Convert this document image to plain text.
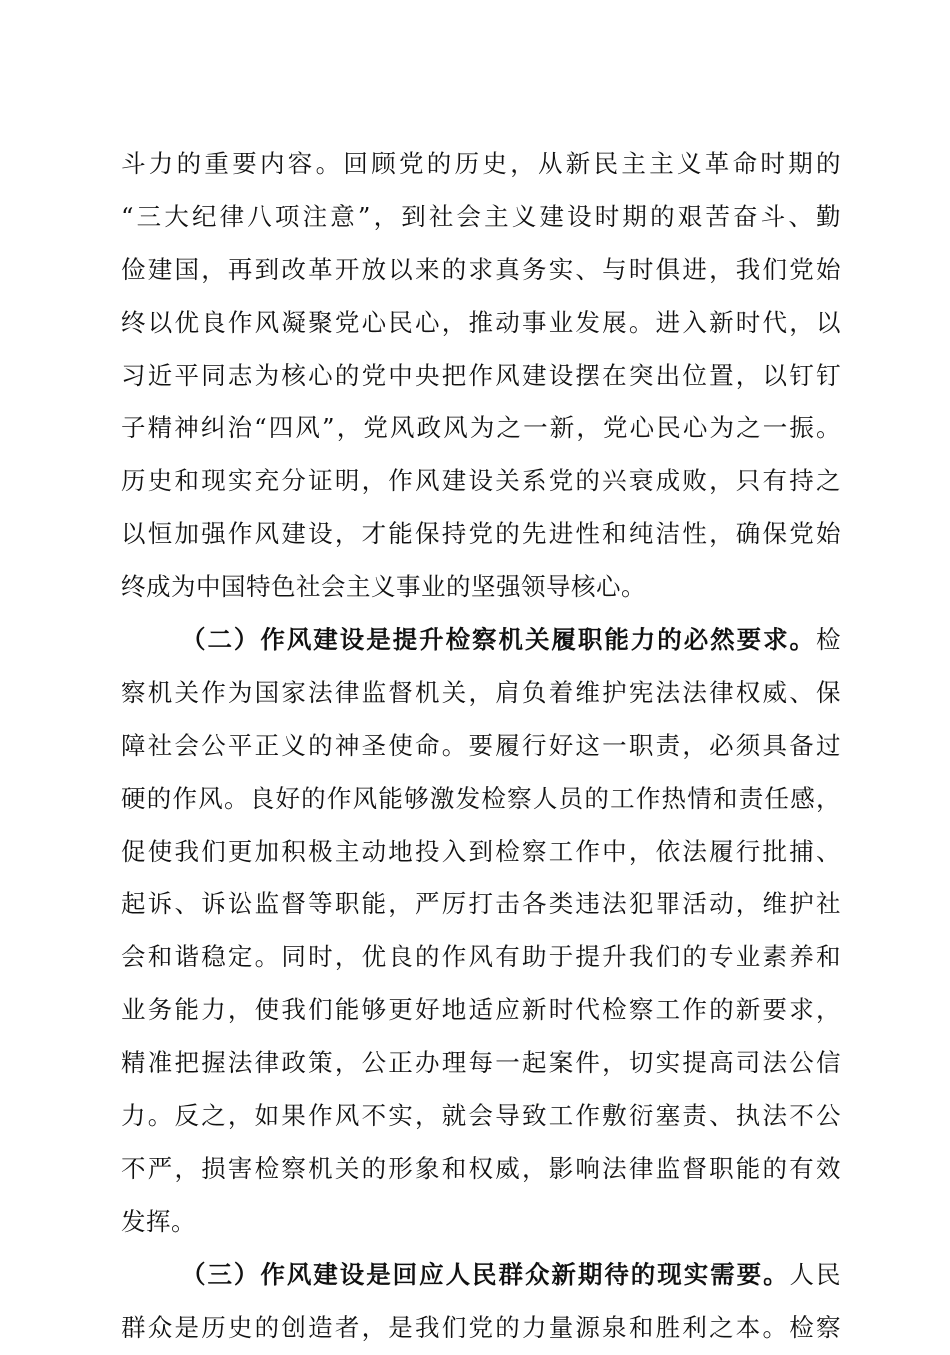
斗力的重要内容。回顾党的历史，从新民主主义革命时期的
“三大纪律八项注意”，到社会主义建设时期的艰苦奋斗、勤
俭建国，再到改革开放以来的求真务实、与时俱进，我们党始
终以优良作风凝聚党心民心，推动事业发展。进入新时代，以
习近平同志为核心的党中央把作风建设摆在突出位置，以钉钉
子精神纠治“四风”，党风政风为之一新，党心民心为之一振。
历史和现实充分证明，作风建设关系党的兴衰成败，只有持之
以恒加强作风建设，才能保持党的先进性和纯洁性，确保党始
终成为中国特色社会主义事业的坚强领导核心。
（二）作风建设是提升检察机关履职能力的必然要求。检
察机关作为国家法律监督机关，肩负着维护宪法法律权威、保
障社会公平正义的神圣使命。要履行好这一职责，必须具备过
硬的作风。良好的作风能够激发检察人员的工作热情和责任感，
促使我们更加积极主动地投入到检察工作中，依法履行批捕、
起诉、诉讼监督等职能，严厉打击各类违法犯罪活动，维护社
会和谐稳定。同时，优良的作风有助于提升我们的专业素养和
业务能力，使我们能够更好地适应新时代检察工作的新要求，
精准把握法律政策，公正办理每一起案件，切实提高司法公信
力。反之，如果作风不实，就会导致工作敷衍塞责、执法不公
不严，损害检察机关的形象和权威，影响法律监督职能的有效
发挥。
（三）作风建设是回应人民群众新期待的现实需要。人民
群众是历史的创造者，是我们党的力量源泉和胜利之本。检察
